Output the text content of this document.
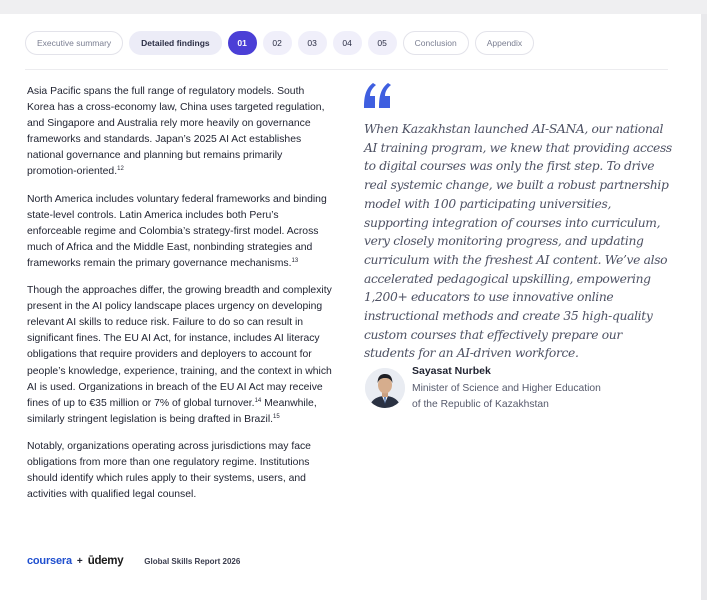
Executive summary	Detailed findings	01	02	03	04	05	Conclusion	Appendix

Asia Pacific spans the full range of regulatory models. South Korea has a cross-economy law, China uses targeted regulation, and Singapore and Australia rely more heavily on governance frameworks and standards. Japan’s 2025 AI Act establishes national governance and planning but remains primarily promotion-oriented.$^{12}$

North America includes voluntary federal frameworks and binding state-level controls. Latin America includes both Peru’s enforceable regime and Colombia’s strategy-first model. Across much of Africa and the Middle East, nonbinding strategies and frameworks remain the primary governance mechanisms.$^{13}$

Though the approaches differ, the growing breadth and complexity present in the AI policy landscape places urgency on developing relevant AI skills to reduce risk. Failure to do so can result in significant fines. The EU AI Act, for instance, includes AI literacy obligations that require providers and deployers to account for people’s knowledge, experience, training, and the context in which AI is used. Organizations in breach of the EU AI Act may receive fines of up to €35 million or 7% of global turnover.$^{14}$ Meanwhile, similarly stringent legislation is being drafted in Brazil.$^{15}$

Notably, organizations operating across jurisdictions may face obligations from more than one regulatory regime. Institutions should identify which rules apply to their systems, users, and activities with qualified legal counsel.

When Kazakhstan launched AI-SANA, our national AI training program, we knew that providing access to digital courses was only the first step. To drive real systemic change, we built a robust partnership model with 100 participating universities, supporting integration of courses into curriculum, very closely monitoring progress, and updating curriculum with the freshest AI content. We’ve also accelerated pedagogical upskilling, empowering 1,200+ educators to use innovative online instructional methods and create 35 high-quality custom courses that effectively prepare our students for an AI-driven workforce.
Sayasat Nurbek
Minister of Science and Higher Education
of the Republic of Kazakhstan
coursera + ūdemy	Global Skills Report 2026
